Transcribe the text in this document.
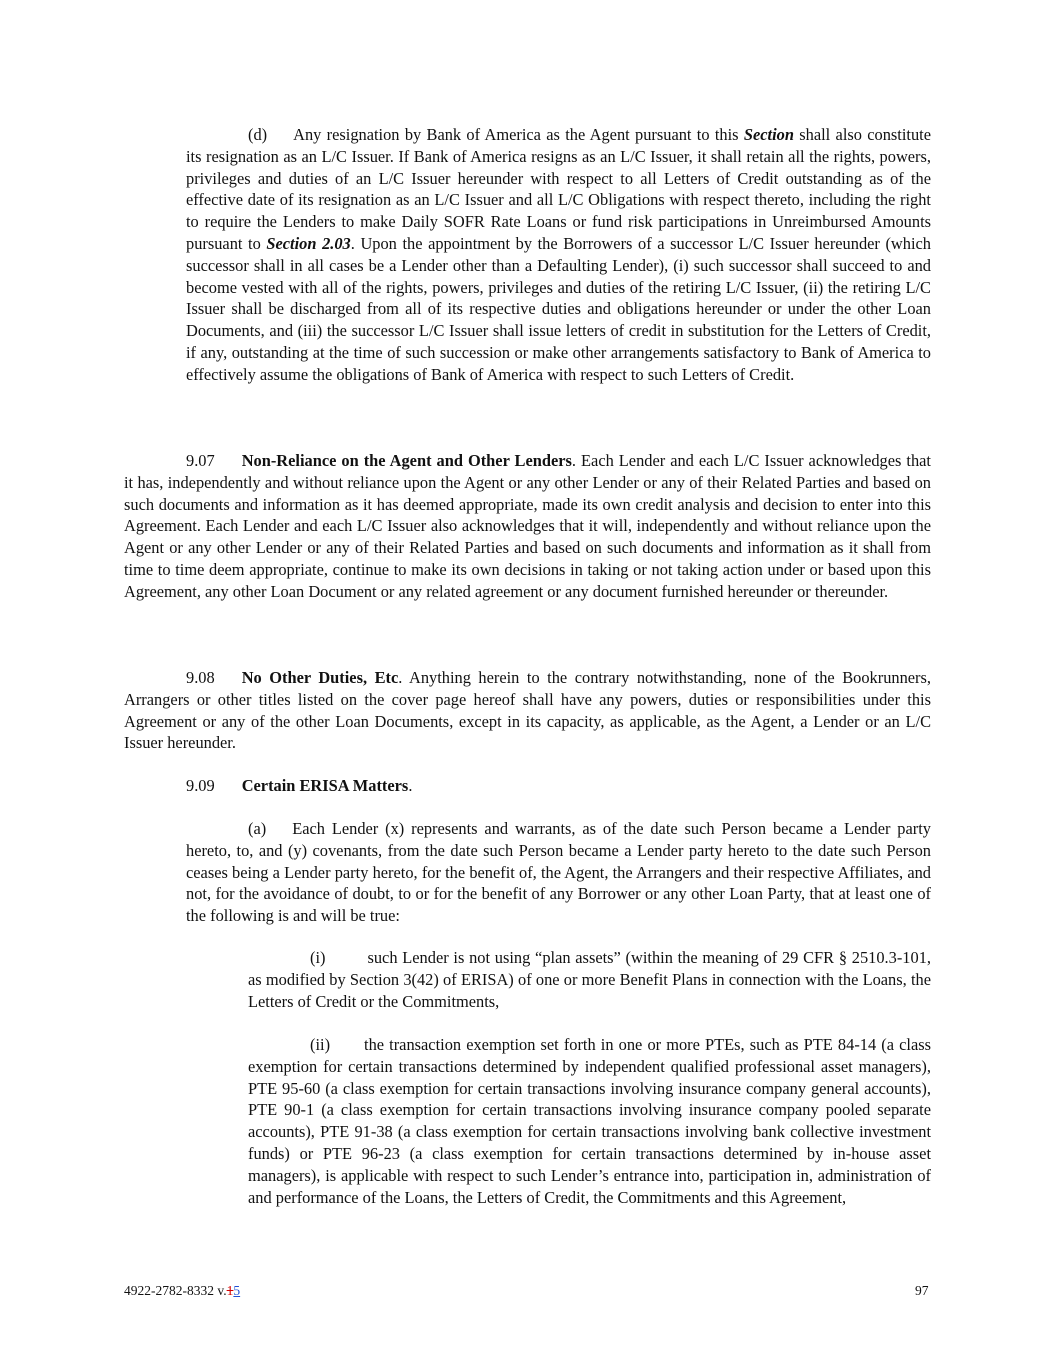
(d) Any resignation by Bank of America as the Agent pursuant to this Section shall also constitute its resignation as an L/C Issuer. If Bank of America resigns as an L/C Issuer, it shall retain all the rights, powers, privileges and duties of an L/C Issuer hereunder with respect to all Letters of Credit outstanding as of the effective date of its resignation as an L/C Issuer and all L/C Obligations with respect thereto, including the right to require the Lenders to make Daily SOFR Rate Loans or fund risk participations in Unreimbursed Amounts pursuant to Section 2.03. Upon the appointment by the Borrowers of a successor L/C Issuer hereunder (which successor shall in all cases be a Lender other than a Defaulting Lender), (i) such successor shall succeed to and become vested with all of the rights, powers, privileges and duties of the retiring L/C Issuer, (ii) the retiring L/C Issuer shall be discharged from all of its respective duties and obligations hereunder or under the other Loan Documents, and (iii) the successor L/C Issuer shall issue letters of credit in substitution for the Letters of Credit, if any, outstanding at the time of such succession or make other arrangements satisfactory to Bank of America to effectively assume the obligations of Bank of America with respect to such Letters of Credit.

9.07 Non-Reliance on the Agent and Other Lenders. Each Lender and each L/C Issuer acknowledges that it has, independently and without reliance upon the Agent or any other Lender or any of their Related Parties and based on such documents and information as it has deemed appropriate, made its own credit analysis and decision to enter into this Agreement. Each Lender and each L/C Issuer also acknowledges that it will, independently and without reliance upon the Agent or any other Lender or any of their Related Parties and based on such documents and information as it shall from time to time deem appropriate, continue to make its own decisions in taking or not taking action under or based upon this Agreement, any other Loan Document or any related agreement or any document furnished hereunder or thereunder.

9.08 No Other Duties, Etc. Anything herein to the contrary notwithstanding, none of the Bookrunners, Arrangers or other titles listed on the cover page hereof shall have any powers, duties or responsibilities under this Agreement or any of the other Loan Documents, except in its capacity, as applicable, as the Agent, a Lender or an L/C Issuer hereunder.

9.09 Certain ERISA Matters.

(a) Each Lender (x) represents and warrants, as of the date such Person became a Lender party hereto, to, and (y) covenants, from the date such Person became a Lender party hereto to the date such Person ceases being a Lender party hereto, for the benefit of, the Agent, the Arrangers and their respective Affiliates, and not, for the avoidance of doubt, to or for the benefit of any Borrower or any other Loan Party, that at least one of the following is and will be true:

(i)	such Lender is not using “plan assets” (within the meaning of 29 CFR § 2510.3-101, as modified by Section 3(42) of ERISA) of one or more Benefit Plans in connection with the Loans, the Letters of Credit or the Commitments,

(ii) the transaction exemption set forth in one or more PTEs, such as PTE 84-14 (a class exemption for certain transactions determined by independent qualified professional asset managers), PTE 95-60 (a class exemption for certain transactions involving insurance company general accounts), PTE 90-1 (a class exemption for certain transactions involving insurance company pooled separate accounts), PTE 91-38 (a class exemption for certain transactions involving bank collective investment funds) or PTE 96-23 (a class exemption for certain transactions determined by in-house asset managers), is applicable with respect to such Lender’s entrance into, participation in, administration of and performance of the Loans, the Letters of Credit, the Commitments and this Agreement,

4922-2782-8332 v.15	97
